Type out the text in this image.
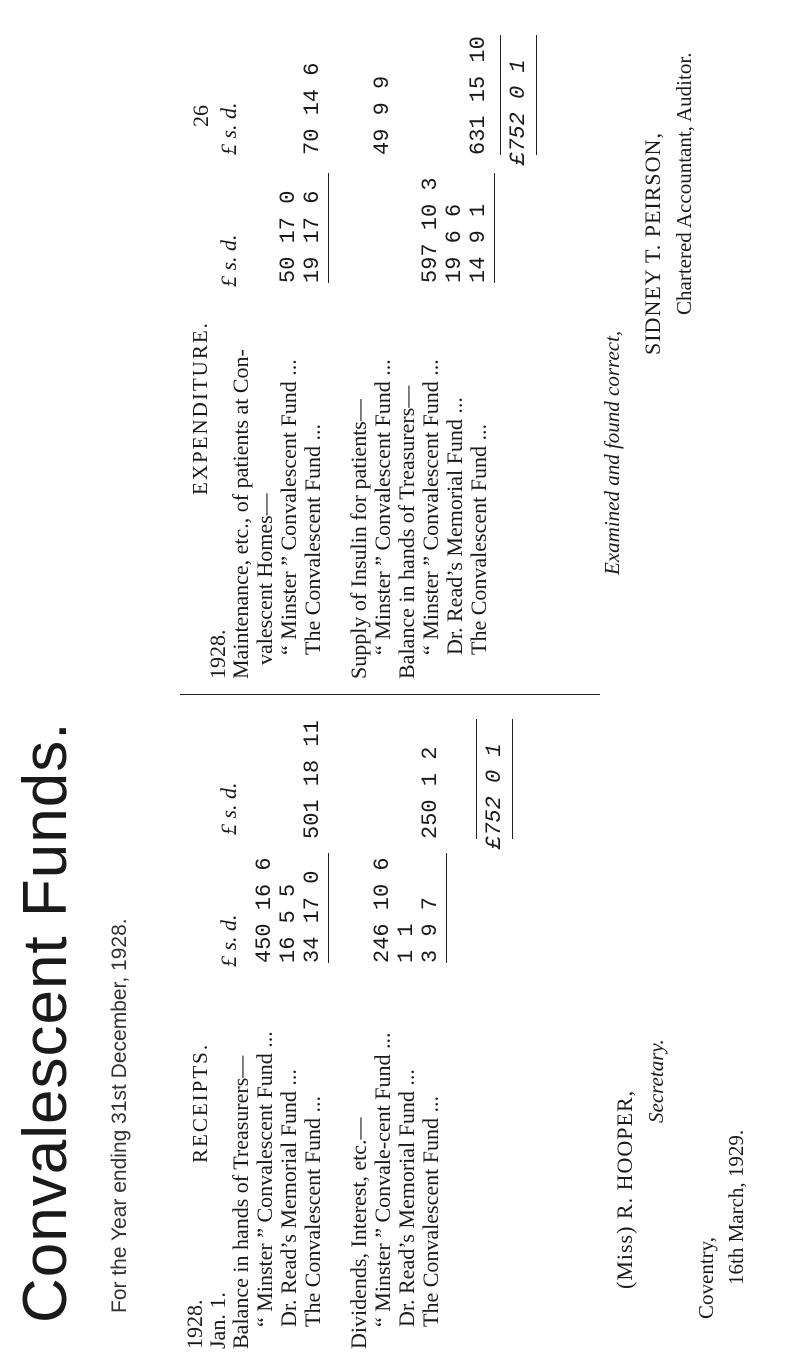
Convalescent Funds. For the Year ending 31st December, 1928.
26
RECEIPTS.
£ s. d.
£ s. d.
1928.
Jan. 1.
Balance in hands of Treasurers— “ Minster ” Convalescent Fund ...
450 16 6
Dr. Read’s Memorial Fund ...
16 5 5
The Convalescent Fund ...
34 17 0
501 18 11
Dividends, Interest, etc.— “ Minster ” Convale-cent Fund ...
246 10 6
Dr. Read’s Memorial Fund ...
1 1
The Convalescent Fund ...
3 9 7
250 1 2 £752 0 1
EXPENDITURE.
£ s. d.
£ s. d.
1928.
Maintenance, etc., of patients at Con- valescent Homes— “ Minster ” Convalescent Fund ...
50 17 0
The Convalescent Fund ...
19 17 6
70 14 6
Supply of Insulin for patients— “ Minster ” Convalescent Fund ...
49 9 9
Balance in hands of Treasurers— “ Minster ” Convalescent Fund ...
597 10 3
Dr. Read’s Memorial Fund ...
19 6 6
The Convalescent Fund ...
14 9 1
631 15 10 £752 0 1
Examined and found correct,
SIDNEY T. PEIRSON, Chartered Accountant, Auditor.
(Miss) R. HOOPER,
Secretary.
Coventry, 16th March, 1929.
